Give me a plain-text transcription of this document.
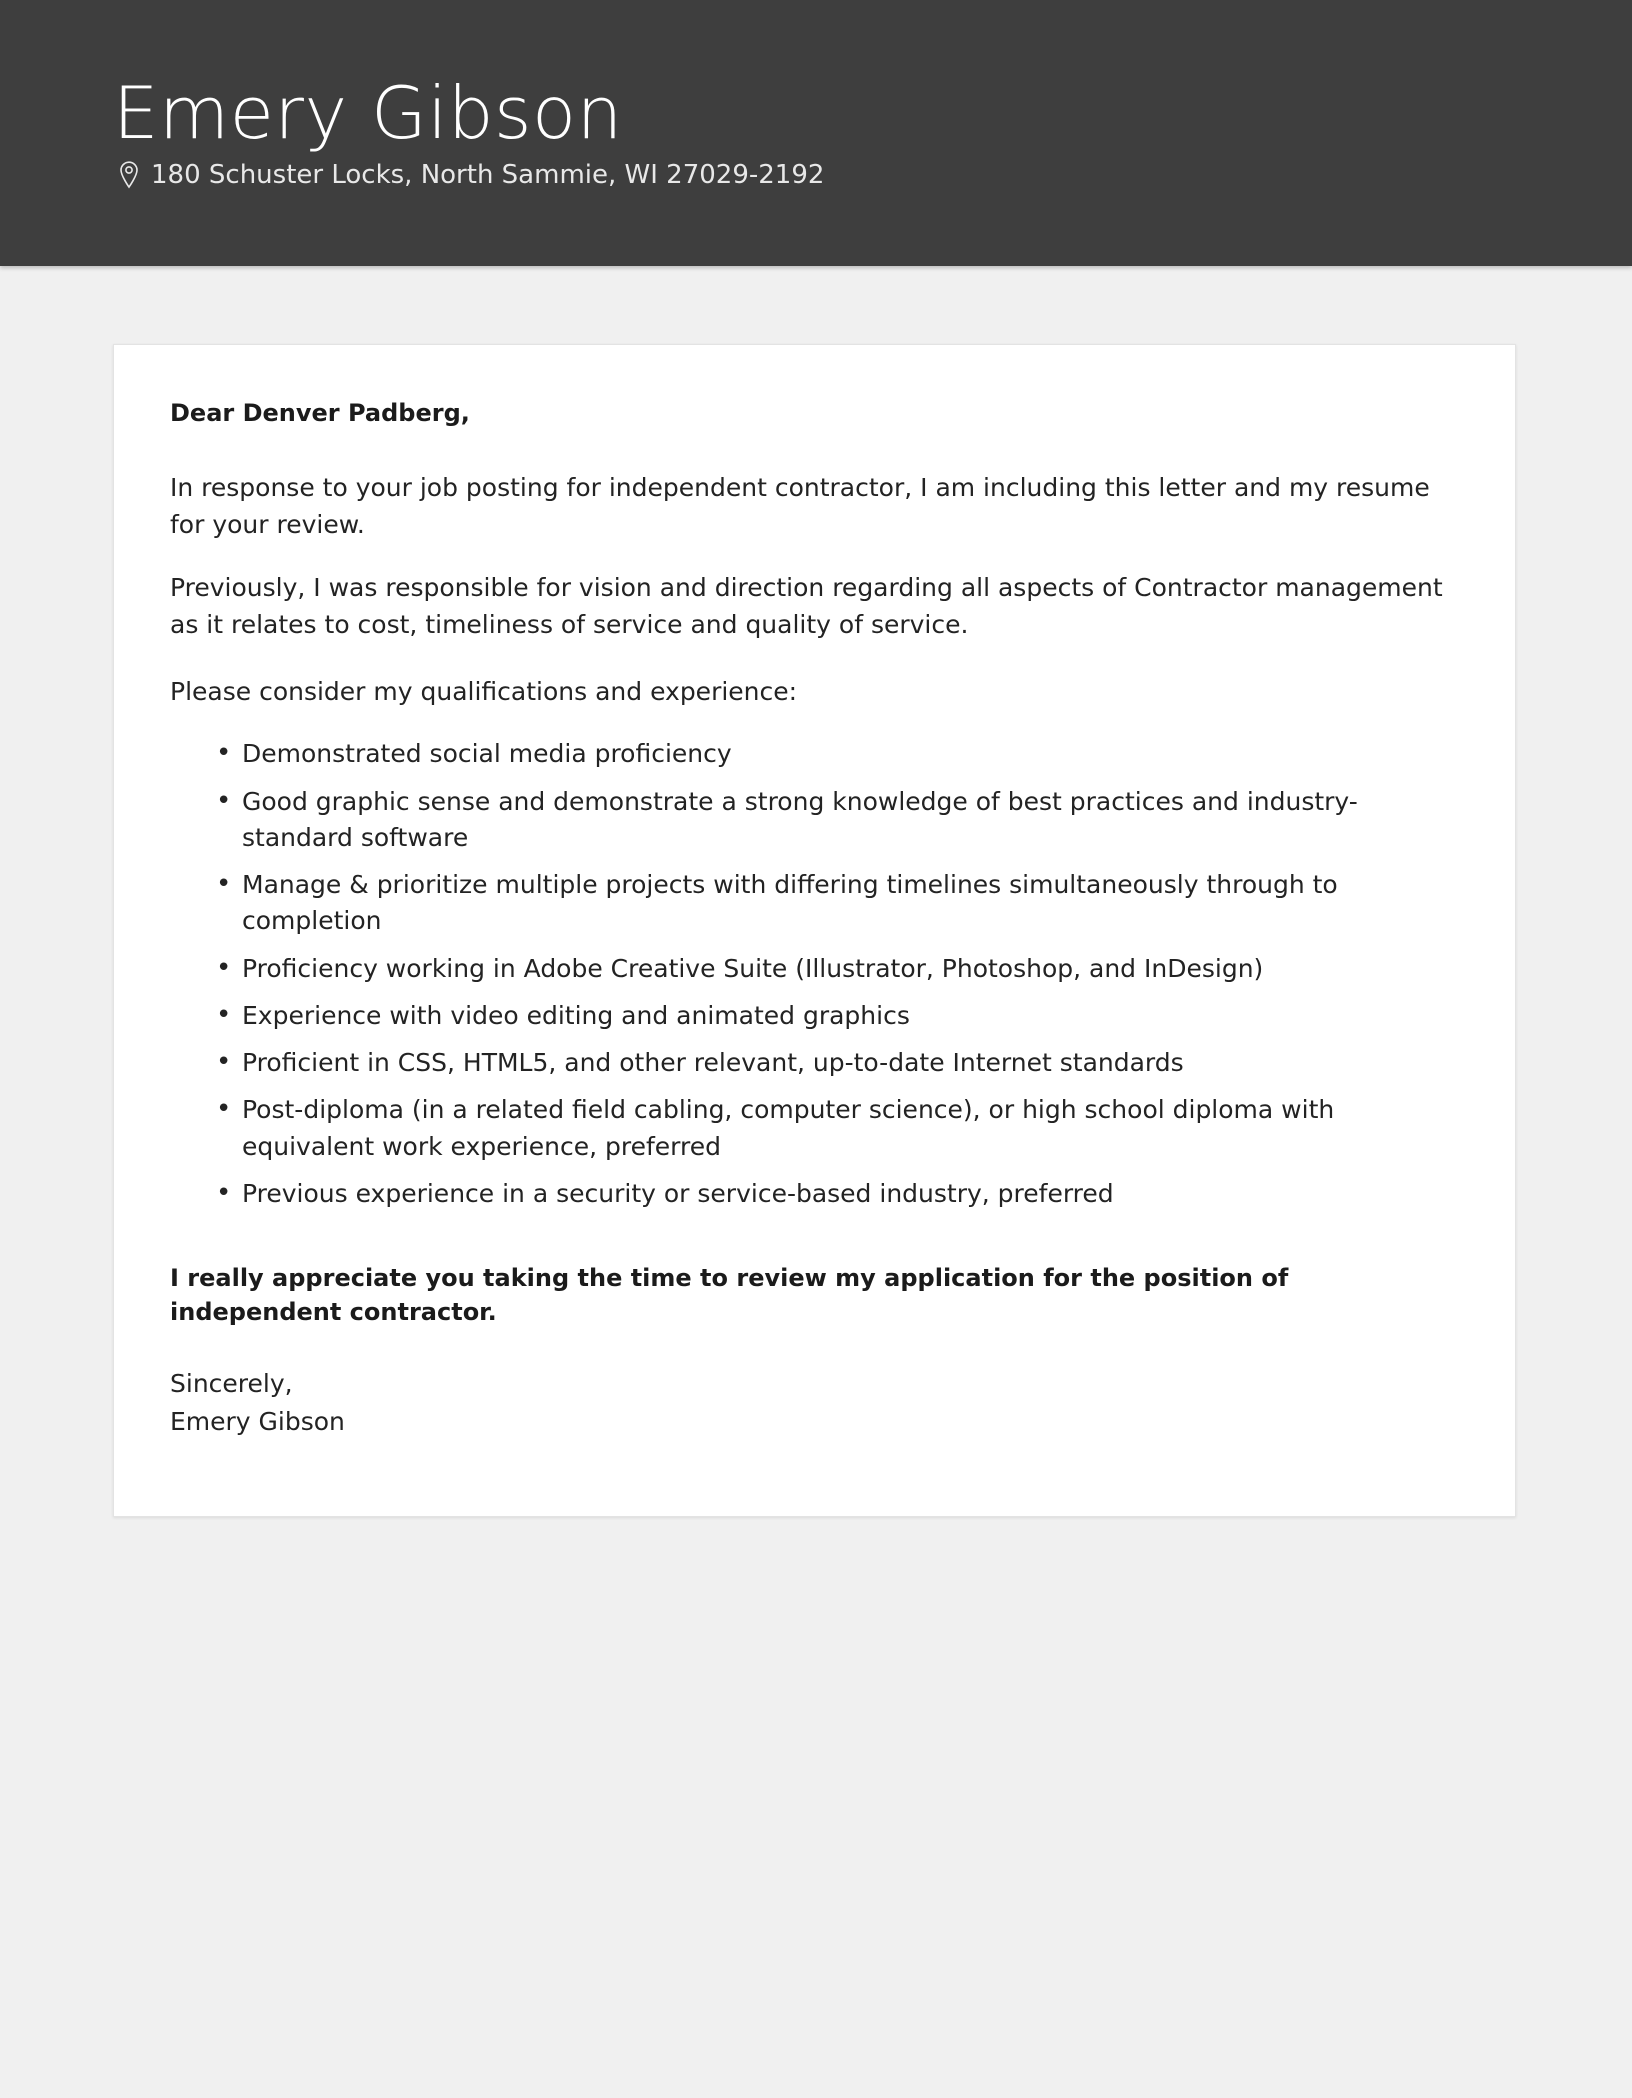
Emery Gibson
180 Schuster Locks, North Sammie, WI 27029-2192

Dear Denver Padberg,

In response to your job posting for independent contractor, I am including this letter and my resume for your review.

Previously, I was responsible for vision and direction regarding all aspects of Contractor management as it relates to cost, timeliness of service and quality of service.

Please consider my qualifications and experience:

• Demonstrated social media proficiency
• Good graphic sense and demonstrate a strong knowledge of best practices and industry-standard software
• Manage & prioritize multiple projects with differing timelines simultaneously through to completion
• Proficiency working in Adobe Creative Suite (Illustrator, Photoshop, and InDesign)
• Experience with video editing and animated graphics
• Proficient in CSS, HTML5, and other relevant, up-to-date Internet standards
• Post-diploma (in a related field cabling, computer science), or high school diploma with equivalent work experience, preferred
• Previous experience in a security or service-based industry, preferred

I really appreciate you taking the time to review my application for the position of independent contractor.

Sincerely,
Emery Gibson
